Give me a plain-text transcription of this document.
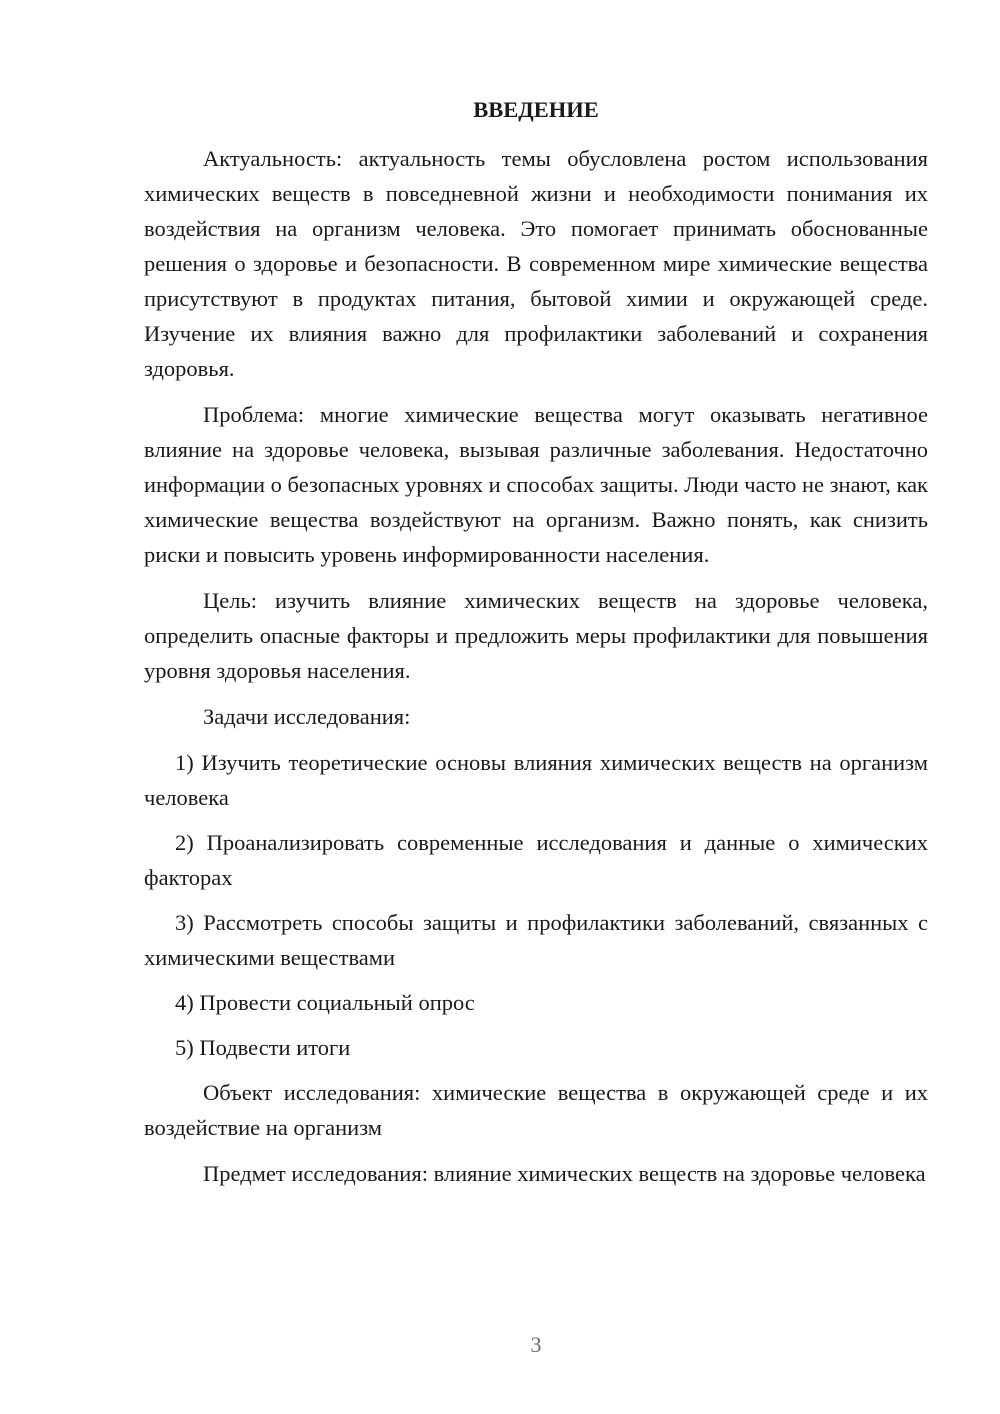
ВВЕДЕНИЕ

Актуальность: актуальность темы обусловлена ростом использования химических веществ в повседневной жизни и необходимости понимания их воздействия на организм человека. Это помогает принимать обоснованные решения о здоровье и безопасности. В современном мире химические вещества присутствуют в продуктах питания, бытовой химии и окружающей среде. Изучение их влияния важно для профилактики заболеваний и сохранения здоровья.

Проблема: многие химические вещества могут оказывать негативное влияние на здоровье человека, вызывая различные заболевания. Недостаточно информации о безопасных уровнях и способах защиты. Люди часто не знают, как химические вещества воздействуют на организм. Важно понять, как снизить риски и повысить уровень информированности населения.

Цель: изучить влияние химических веществ на здоровье человека, определить опасные факторы и предложить меры профилактики для повышения уровня здоровья населения.

Задачи исследования:

1) Изучить теоретические основы влияния химических веществ на организм человека

2) Проанализировать современные исследования и данные о химических факторах

3) Рассмотреть способы защиты и профилактики заболеваний, связанных с химическими веществами

4) Провести социальный опрос

5) Подвести итоги

Объект исследования: химические вещества в окружающей среде и их воздействие на организм

Предмет исследования: влияние химических веществ на здоровье человека

3
